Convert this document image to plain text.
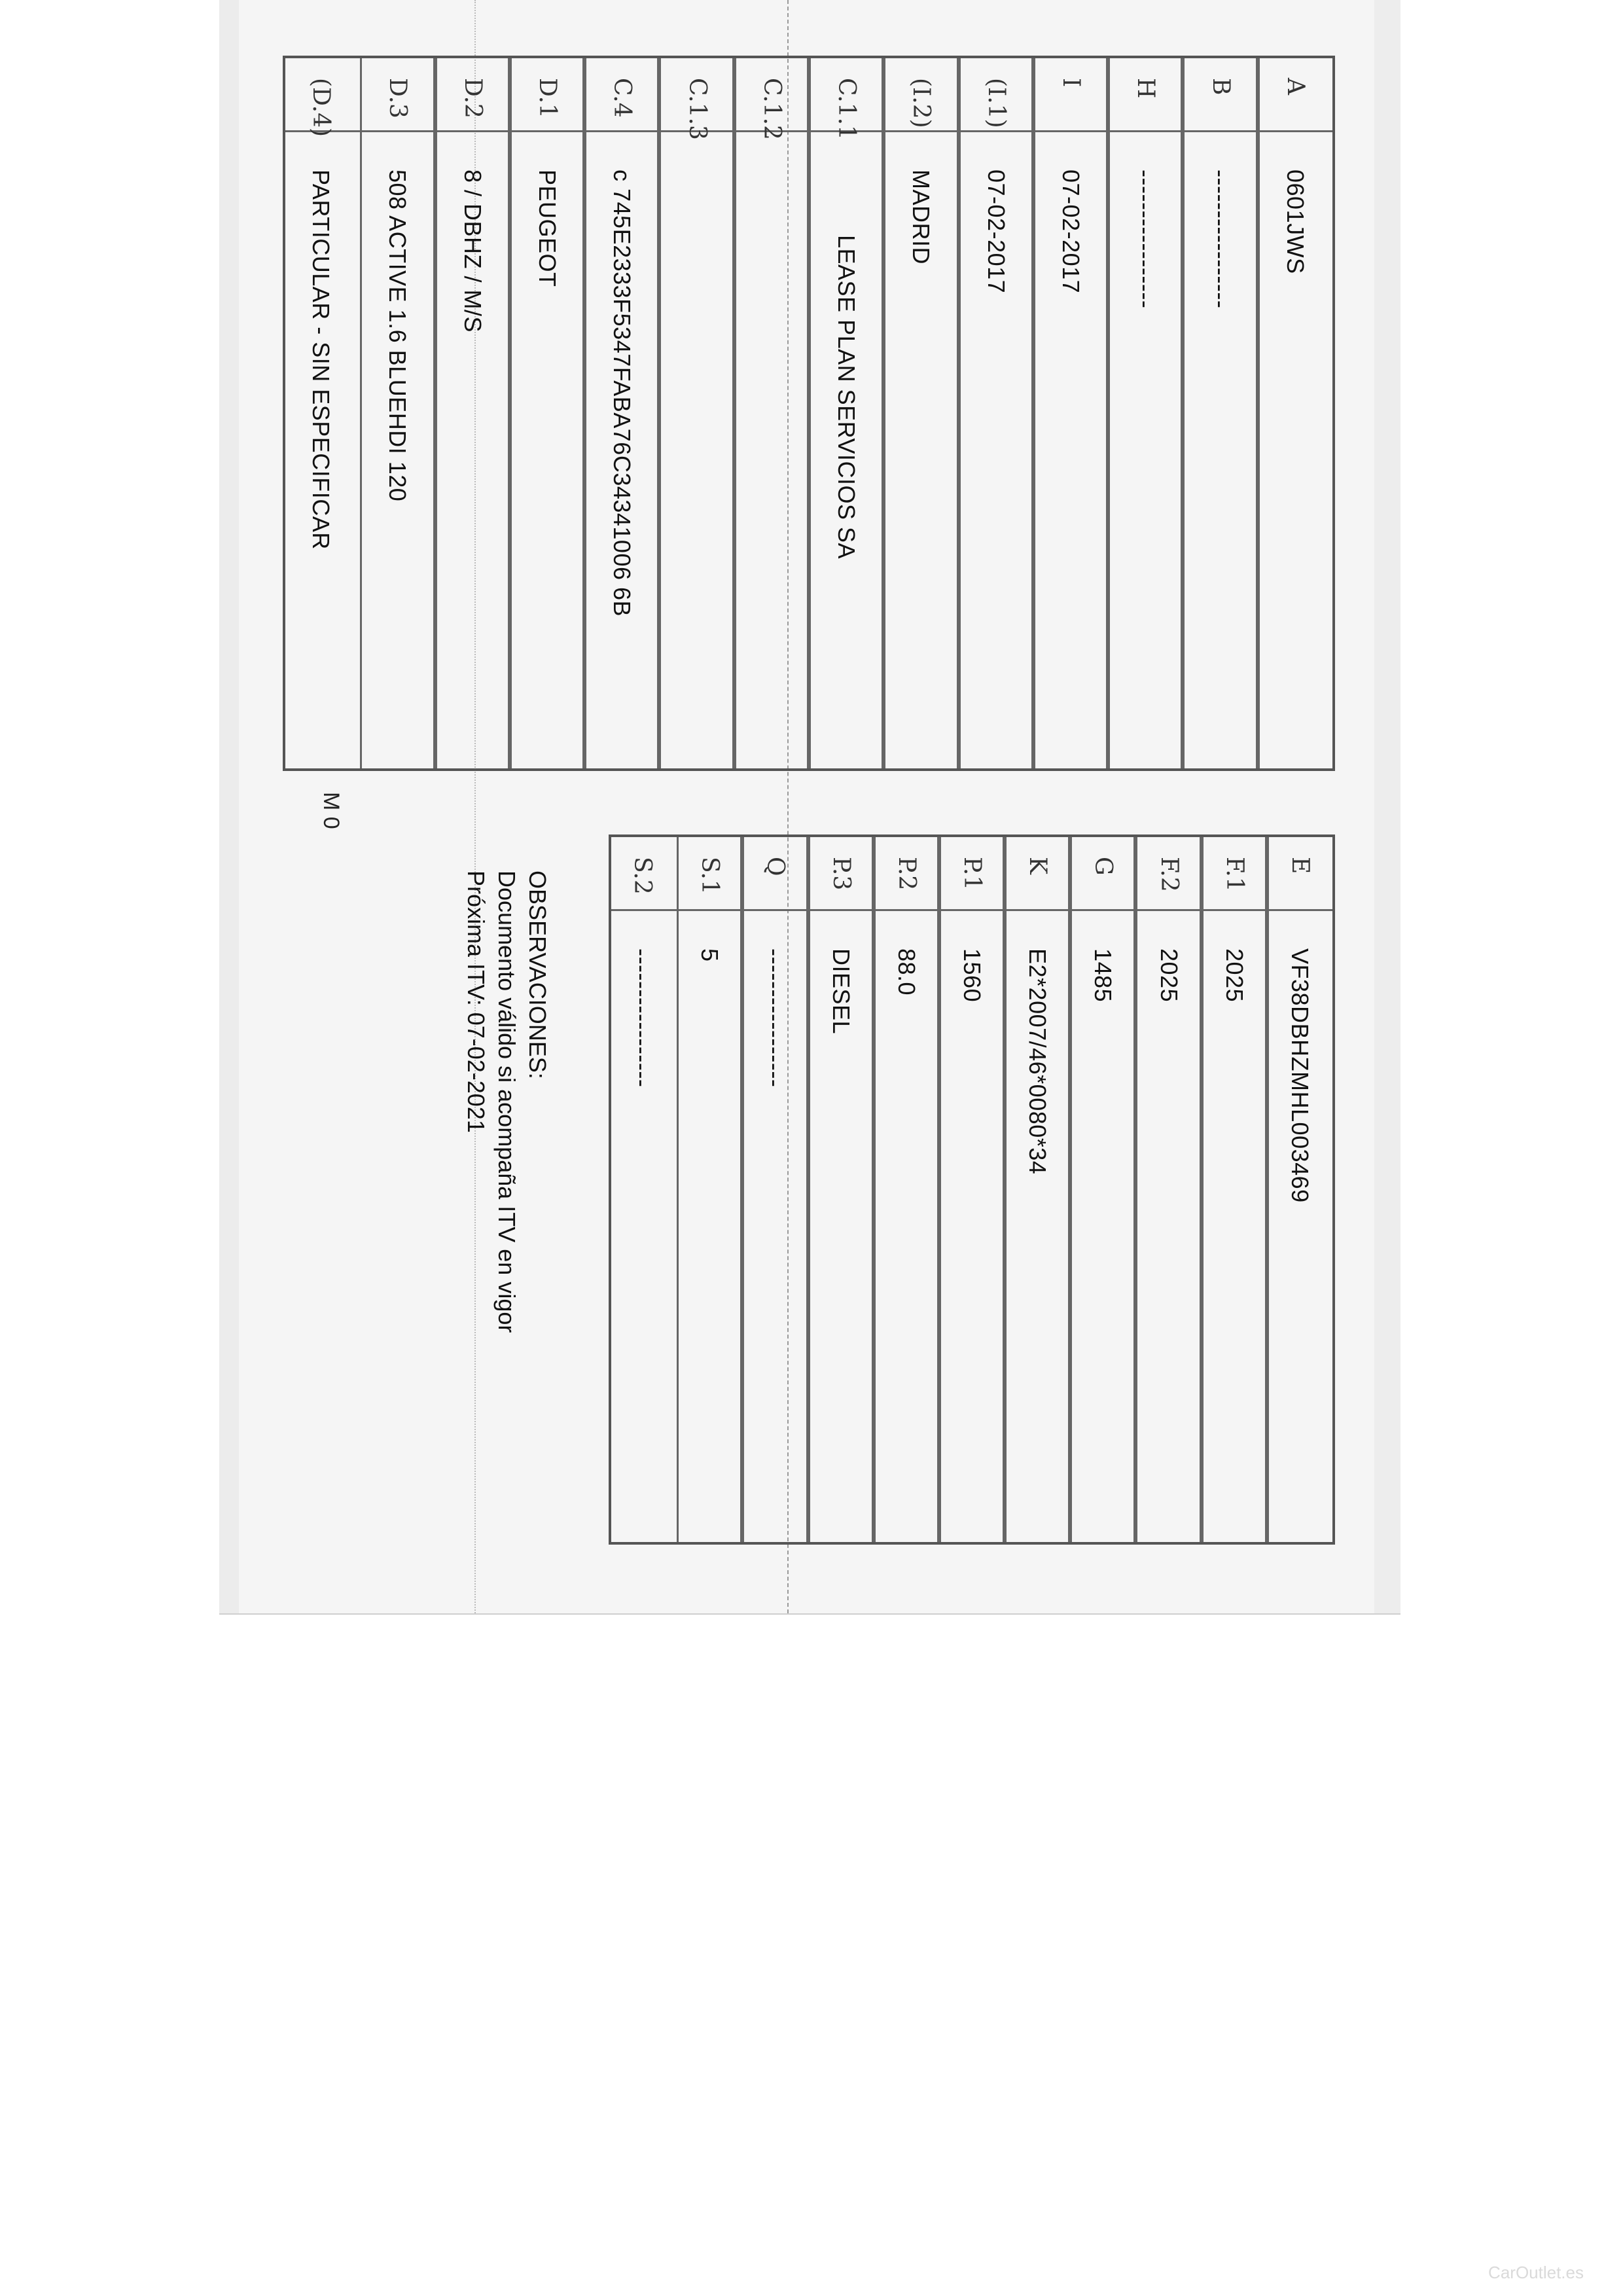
A
0601JWS
B
-----------------
H
-----------------
I
07-02-2017
(I.1)
07-02-2017
(I.2)
MADRID
C.1.1
LEASE PLAN SERVICIOS SA
C.1.2
C.1.3
C.4
c 745E2333F5347FABA76C34341006 6B
D.1
PEUGEOT
D.2
8 / DBHZ / M/S
D.3
508 ACTIVE 1.6 BLUEHDI 120
(D.4)
PARTICULAR - SIN ESPECIFICAR
E
VF38DBHZMHL003469
F.1
2025
F.2
2025
G
1485
K
E2*2007/46*0080*34
P.1
1560
P.2
88.0
P.3
DIESEL
Q
-----------------
S.1
5
S.2
-----------------
OBSERVACIONES:
Documento válido si acompaña ITV en vigor
Próxima ITV: 07-02-2021
M 0
CarOutlet.es
